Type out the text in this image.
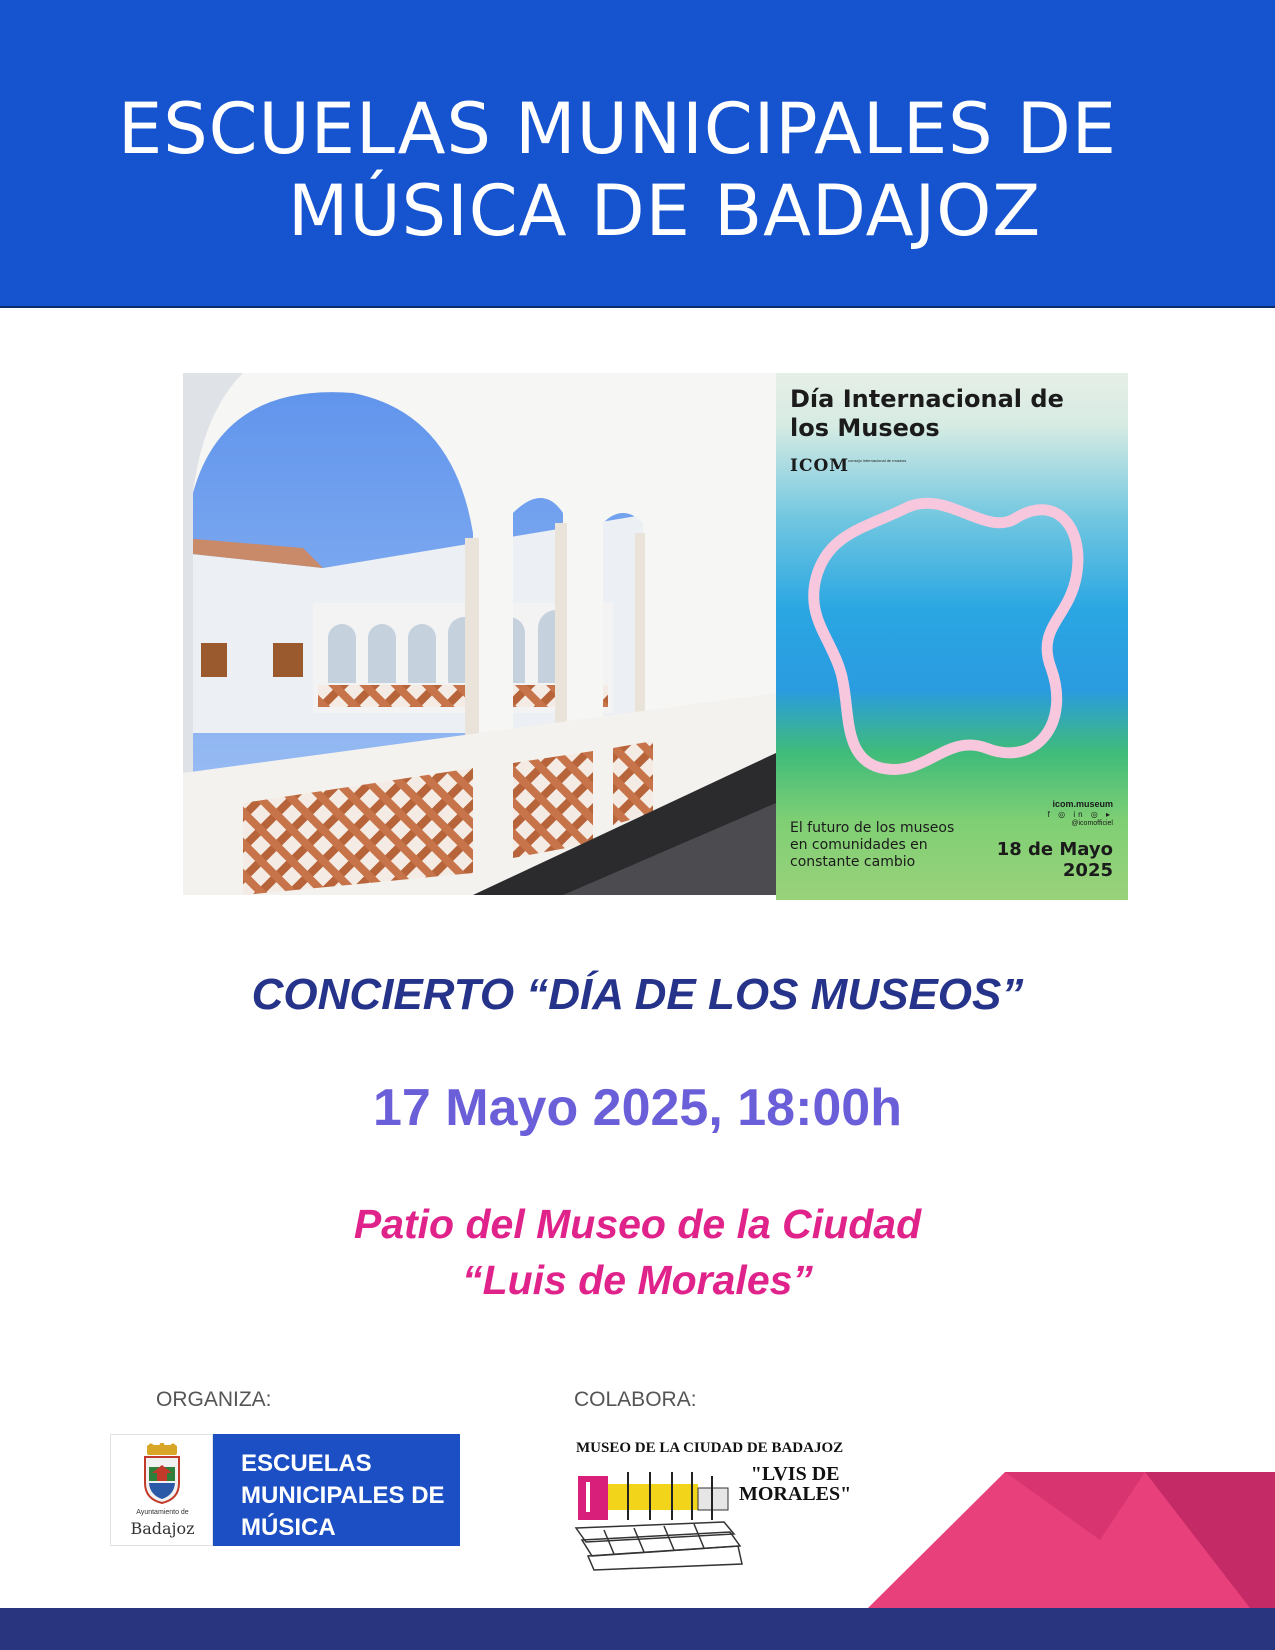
ESCUELAS MUNICIPALES DE
MÚSICA DE BADAJOZ
Día Internacional de los Museos
ICOM
consejo internacional de museos
icom.museum
f ◎ in ◎ ▸
@icomofficiel
El futuro de los museos en comunidades en constante cambio
18 de Mayo 2025
CONCIERTO “DÍA DE LOS MUSEOS”
17 Mayo 2025, 18:00h
Patio del Museo de la Ciudad
“Luis de Morales”
ORGANIZA:	COLABORA:
Ayuntamiento de
Badajoz
ESCUELAS
MUNICIPALES DE
MÚSICA
MUSEO DE LA CIUDAD DE BADAJOZ
"LVIS DE
MORALES"
